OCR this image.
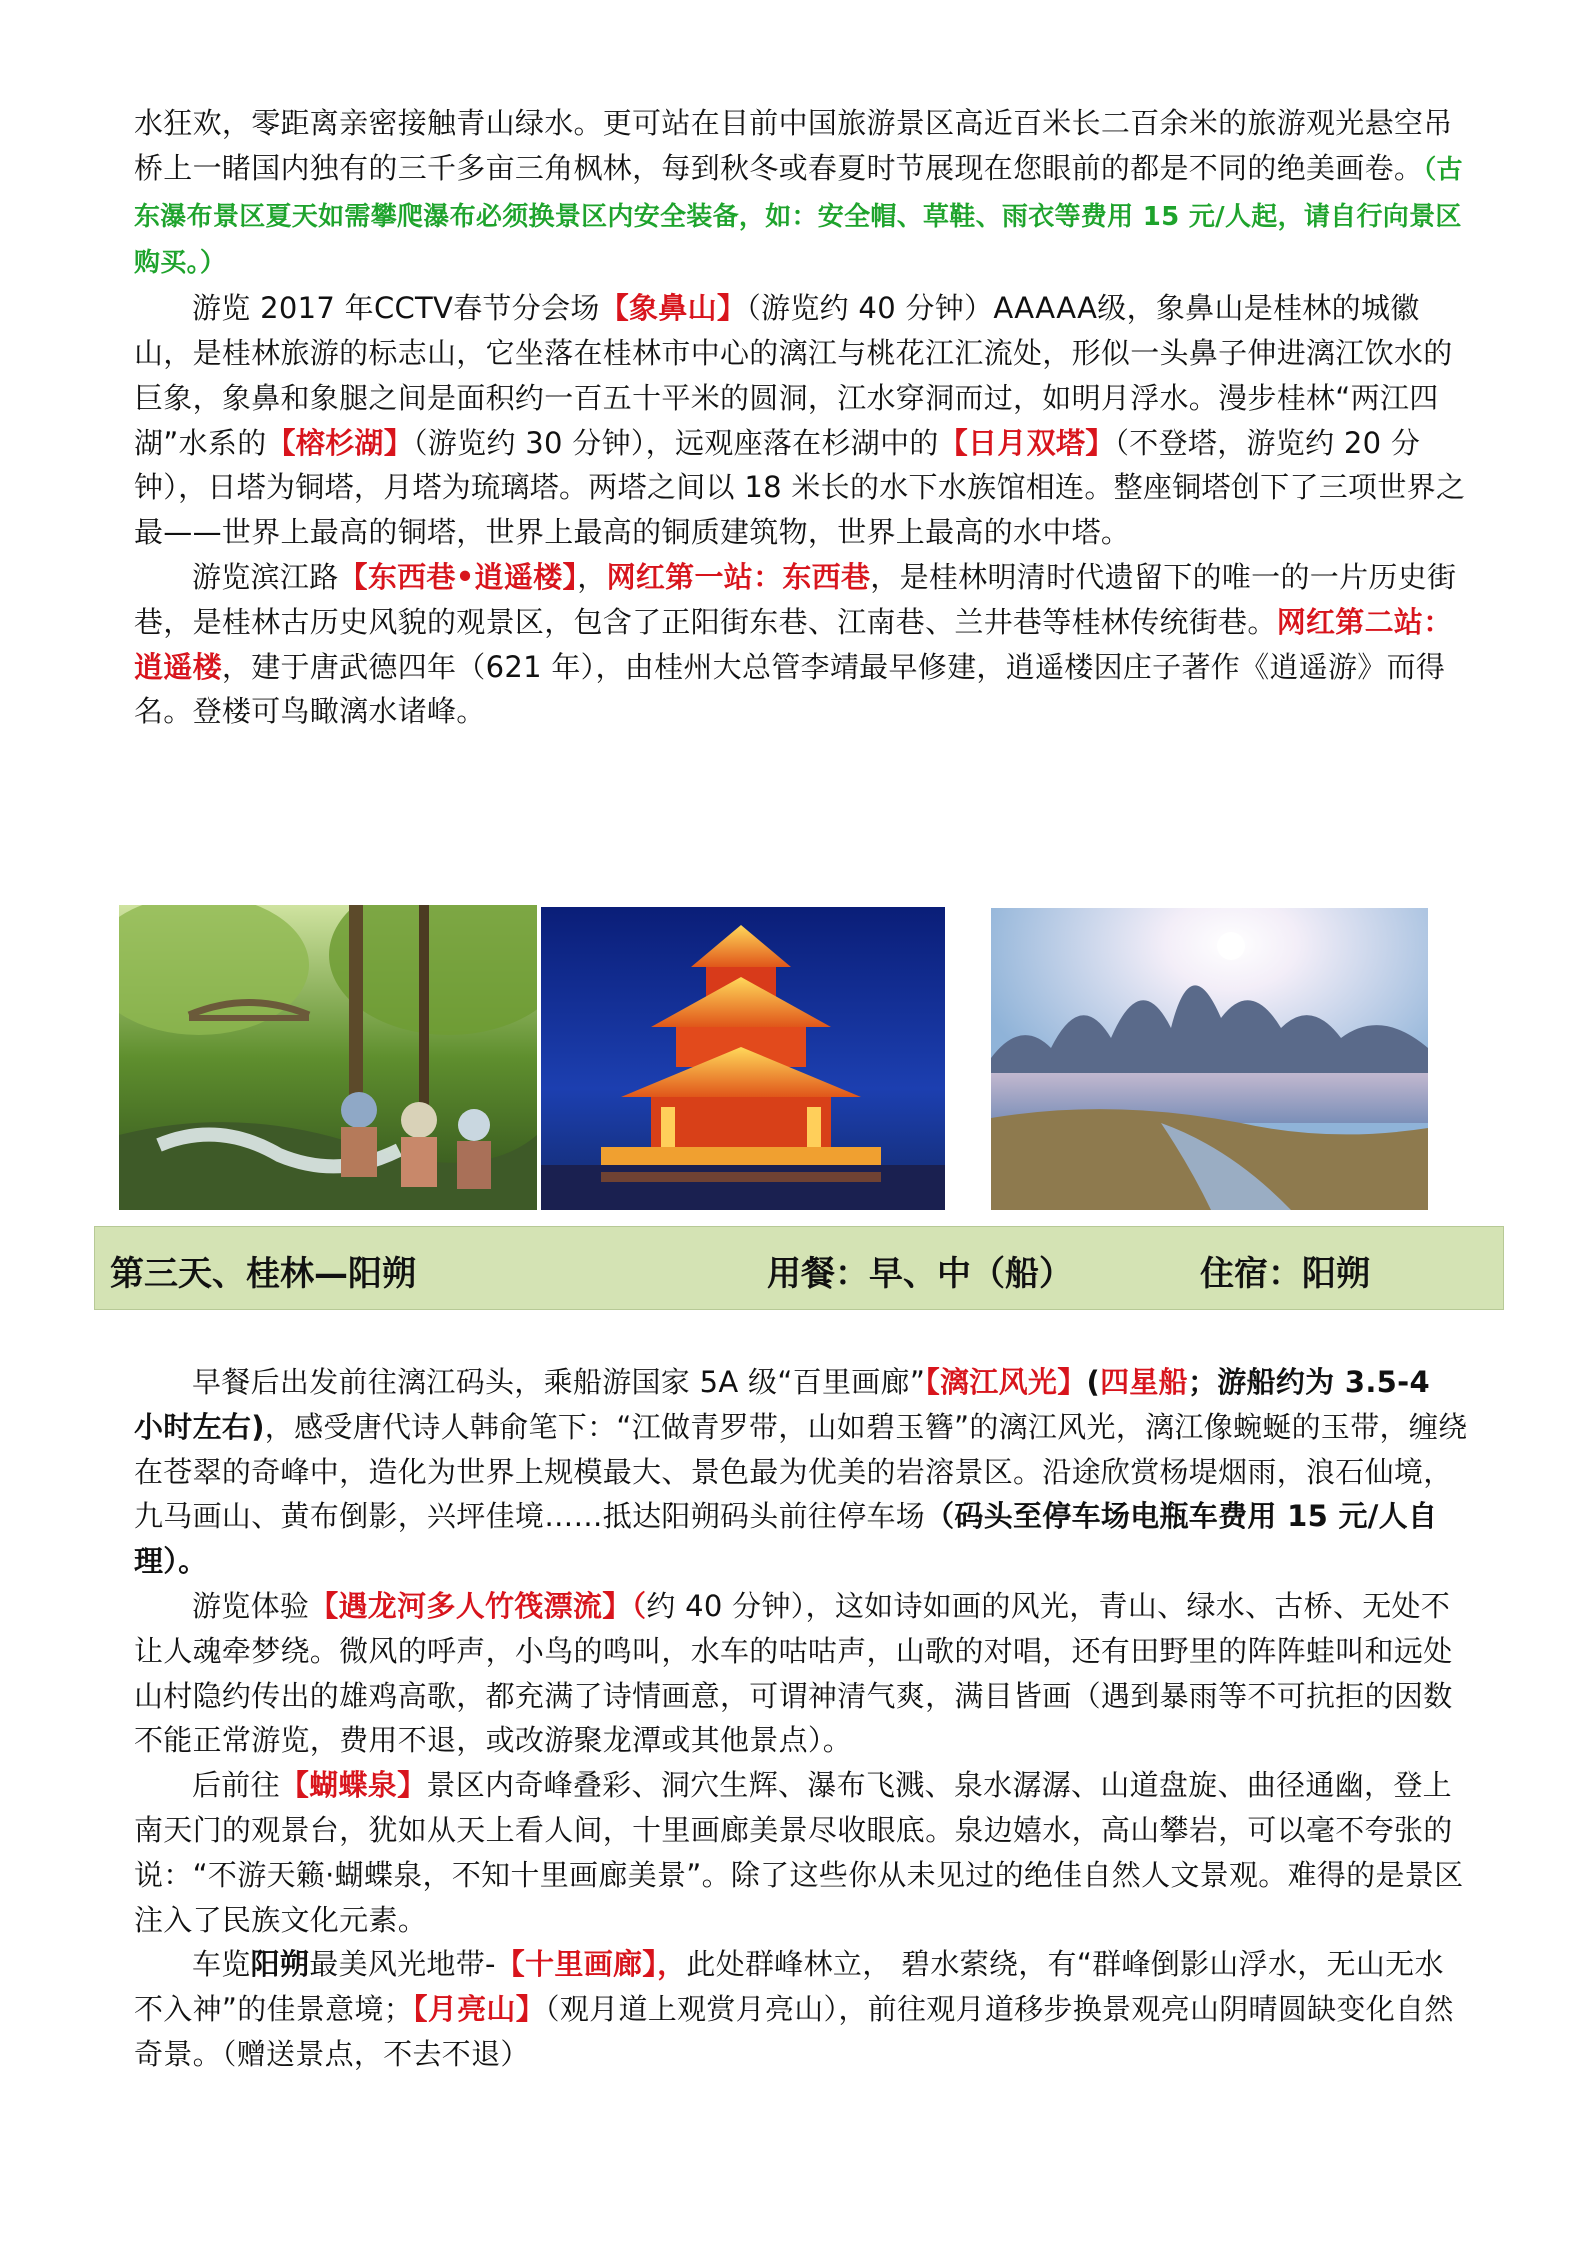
水狂欢，零距离亲密接触青山绿水。更可站在目前中国旅游景区高近百米长二百余米的旅游观光悬空吊桥上一睹国内独有的三千多亩三角枫林，每到秋冬或春夏时节展现在您眼前的都是不同的绝美画卷。（古东瀑布景区夏天如需攀爬瀑布必须换景区内安全装备，如：安全帽、草鞋、雨衣等费用 15 元/人起，请自行向景区购买。）

游览 2017 年CCTV春节分会场【象鼻山】（游览约 40 分钟）AAAAA级，象鼻山是桂林的城徽山，是桂林旅游的标志山，它坐落在桂林市中心的漓江与桃花江汇流处，形似一头鼻子伸进漓江饮水的巨象，象鼻和象腿之间是面积约一百五十平米的圆洞，江水穿洞而过，如明月浮水。漫步桂林“两江四湖”水系的【榕杉湖】（游览约 30 分钟），远观座落在杉湖中的【日月双塔】（不登塔，游览约 20 分钟），日塔为铜塔，月塔为琉璃塔。两塔之间以 18 米长的水下水族馆相连。整座铜塔创下了三项世界之最——世界上最高的铜塔，世界上最高的铜质建筑物，世界上最高的水中塔。

游览滨江路【东西巷•逍遥楼】，网红第一站：东西巷，是桂林明清时代遗留下的唯一的一片历史街巷，是桂林古历史风貌的观景区，包含了正阳街东巷、江南巷、兰井巷等桂林传统街巷。网红第二站：逍遥楼，建于唐武德四年（621 年），由桂州大总管李靖最早修建，逍遥楼因庄子著作《逍遥游》而得名。登楼可鸟瞰漓水诸峰。

第三天、桂林—阳朔	用餐：早、中（船）	住宿：阳朔

早餐后出发前往漓江码头，乘船游国家 5A 级“百里画廊”【漓江风光】(四星船；游船约为 3.5-4 小时左右)，感受唐代诗人韩俞笔下：“江做青罗带，山如碧玉簪”的漓江风光，漓江像蜿蜒的玉带，缠绕在苍翠的奇峰中，造化为世界上规模最大、景色最为优美的岩溶景区。沿途欣赏杨堤烟雨，浪石仙境，九马画山、黄布倒影，兴坪佳境……抵达阳朔码头前往停车场（码头至停车场电瓶车费用 15 元/人自理）。

游览体验【遇龙河多人竹筏漂流】（约 40 分钟），这如诗如画的风光，青山、绿水、古桥、无处不让人魂牵梦绕。微风的呼声，小鸟的鸣叫，水车的咕咕声，山歌的对唱，还有田野里的阵阵蛙叫和远处山村隐约传出的雄鸡高歌，都充满了诗情画意，可谓神清气爽，满目皆画（遇到暴雨等不可抗拒的因数不能正常游览，费用不退，或改游聚龙潭或其他景点）。

后前往【蝴蝶泉】景区内奇峰叠彩、洞穴生辉、瀑布飞溅、泉水潺潺、山道盘旋、曲径通幽，登上南天门的观景台，犹如从天上看人间，十里画廊美景尽收眼底。泉边嬉水，高山攀岩，可以毫不夸张的说：“不游天籁·蝴蝶泉，不知十里画廊美景”。除了这些你从未见过的绝佳自然人文景观。难得的是景区注入了民族文化元素。

车览阳朔最美风光地带-【十里画廊】，此处群峰林立， 碧水萦绕，有“群峰倒影山浮水，无山无水不入神”的佳景意境；【月亮山】（观月道上观赏月亮山），前往观月道移步换景观亮山阴晴圆缺变化自然奇景。（赠送景点，不去不退）
